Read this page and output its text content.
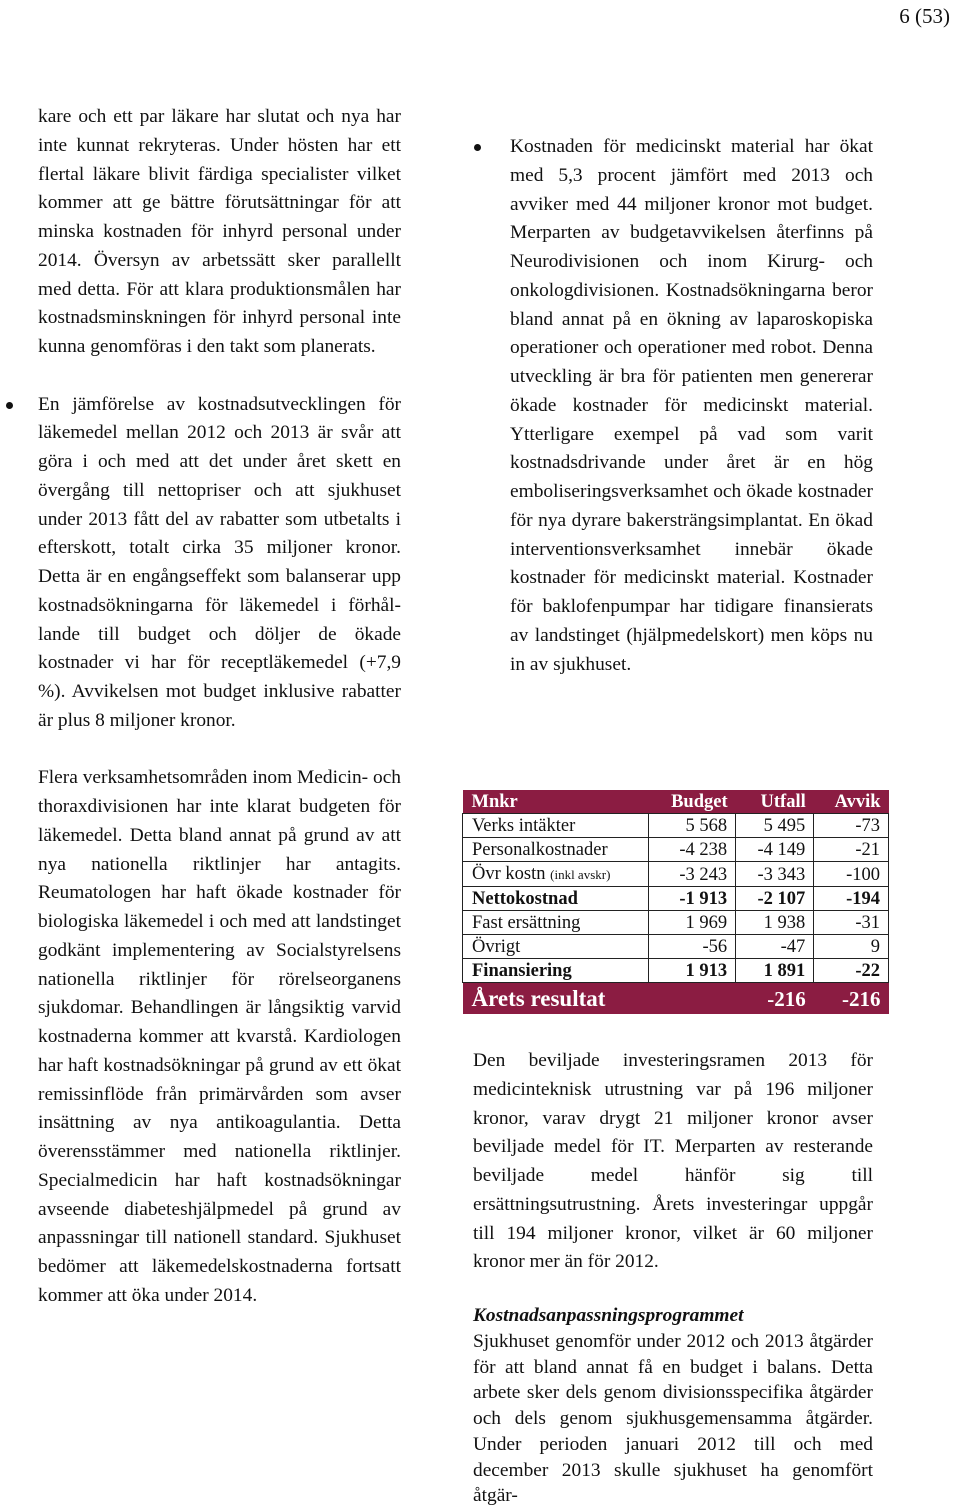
6 (53)

kare och ett par läkare har slutat och nya har inte kunnat rekryteras. Under hösten har ett flertal läkare blivit färdiga specialister vilket kommer att ge bättre förutsättningar för att minska kostnaden för inhyrd personal under 2014. Översyn av arbetssätt sker parallellt med detta. För att klara produktionsmålen har kostnadsminskningen för inhyrd personal inte kunna genomföras i den takt som planerats.

En jämförelse av kostnadsutvecklingen för läkemedel mellan 2012 och 2013 är svår att göra i och med att det under året skett en övergång till nettopriser och att sjukhuset under 2013 fått del av rabatter som utbetalts i efterskott, totalt cirka 35 miljoner kronor. Detta är en engångseffekt som balanserar upp kostnadsökningarna för läkemedel i förhållande till budget och döljer de ökade kostnader vi har för receptläkemedel (+7,9 %). Avvikelsen mot budget inklusive rabatter är plus 8 miljoner kronor.

Flera verksamhetsområden inom Medicin- och thoraxdivisionen har inte klarat budgeten för läkemedel. Detta bland annat på grund av att nya nationella riktlinjer har antagits. Reumatologen har haft ökade kostnader för biologiska läkemedel i och med att landstinget godkänt implementering av Socialstyrelsens nationella riktlinjer för rörelseorganens sjukdomar. Behandlingen är långsiktig varvid kostnaderna kommer att kvarstå. Kardiologen har haft kostnadsökningar på grund av ett ökat remissinflöde från primärvården som avser insättning av nya antikoagulantia. Detta överensstämmer med nationella riktlinjer. Specialmedicin har haft kostnadsökningar avseende diabeteshjälpmedel på grund av anpassningar till nationell standard. Sjukhuset bedömer att läkemedelskostnaderna fortsatt kommer att öka under 2014.

Kostnaden för medicinskt material har ökat med 5,3 procent jämfört med 2013 och avviker med 44 miljoner kronor mot budget. Merparten av budgetavvikelsen återfinns på Neurodivisionen och inom Kirurg- och onkologdivisionen. Kostnadsökningarna beror bland annat på en ökning av laparoskopiska operationer och operationer med robot. Denna utveckling är bra för patienten men genererar ökade kostnader för medicinskt material. Ytterligare exempel på vad som varit kostnadsdrivande under året är en hög emboliseringsverksamhet och ökade kostnader för nya dyrare bakersträngsimplantat. En ökad interventionsverksamhet innebär ökade kostnader för medicinskt material. Kostnader för baklofenpumpar har tidigare finansierats av landstinget (hjälpmedelskort) men köps nu in av sjukhuset.
Mnkr	Budget	Utfall	Avvik
Verks intäkter	5 568	5 495	-73
Personalkostnader	-4 238	-4 149	-21
Övr kostn (inkl avskr)	-3 243	-3 343	-100
Nettokostnad	-1 913	-2 107	-194
Fast ersättning	1 969	1 938	-31
Övrigt	-56	-47	9
Finansiering	1 913	1 891	-22
Årets resultat		-216	-216

Den beviljade investeringsramen 2013 för medicinteknisk utrustning var på 196 miljoner kronor, varav drygt 21 miljoner kronor avser beviljade medel för IT. Merparten av resterande beviljade medel hänför sig till ersättningsutrustning. Årets investeringar uppgår till 194 miljoner kronor, vilket är 60 miljoner kronor mer än för 2012.

Kostnadsanpassningsprogrammet

Sjukhuset genomför under 2012 och 2013 åtgärder för att bland annat få en budget i balans. Detta arbete sker dels genom divisionsspecifika åtgärder och dels genom sjukhusgemensamma åtgärder. Under perioden januari 2012 till och med december 2013 skulle sjukhuset ha genomfört åtgär-
